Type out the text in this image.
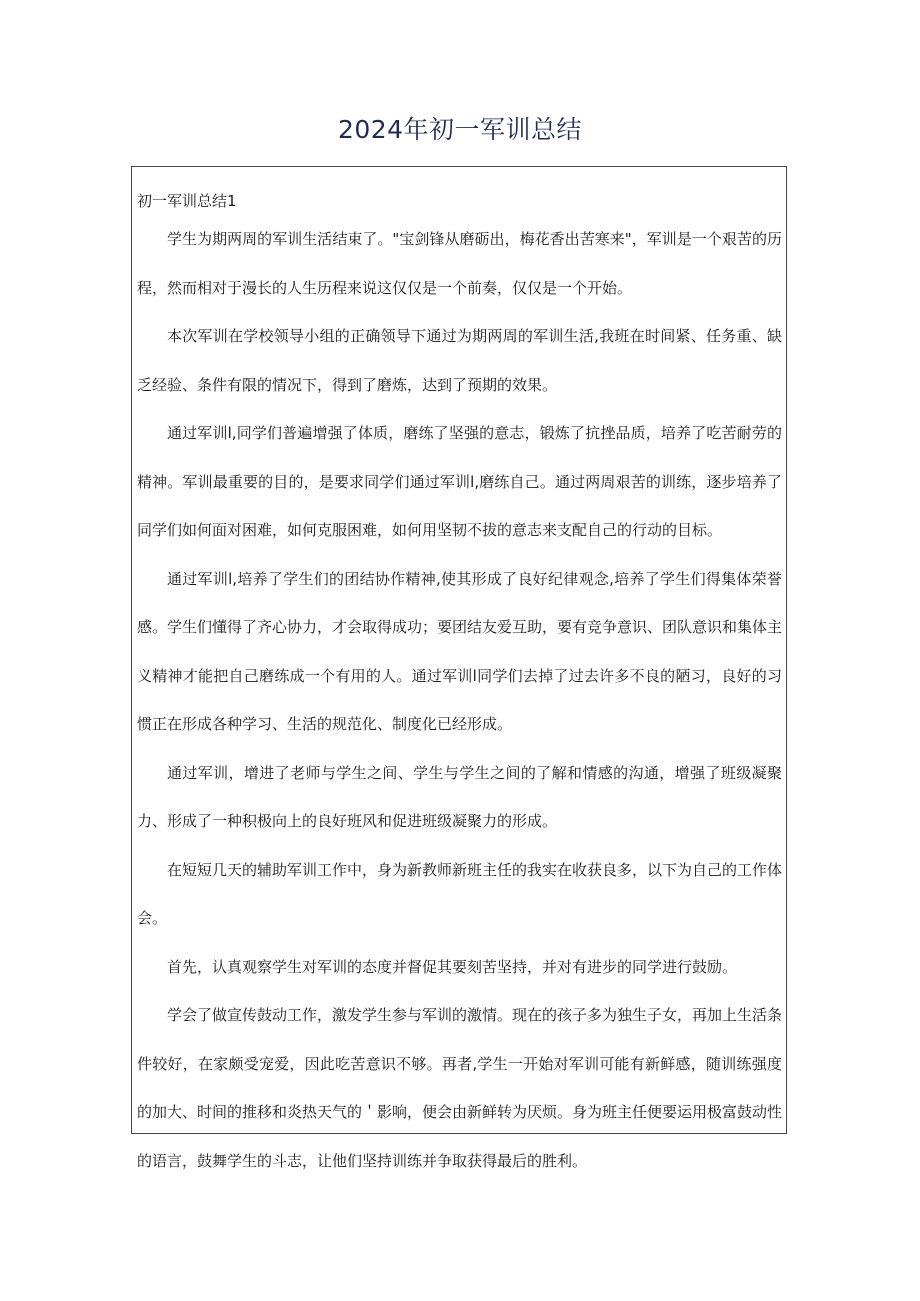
2024年初一军训总结
初一军训总结1

学生为期两周的军训生活结束了。"宝剑锋从磨砺出，梅花香出苦寒来"，军训是一个艰苦的历程，然而相对于漫长的人生历程来说这仅仅是一个前奏，仅仅是一个开始。

本次军训在学校领导小组的正确领导下通过为期两周的军训生活,我班在时间紧、任务重、缺乏经验、条件有限的情况下，得到了磨炼，达到了预期的效果。

通过军训l,同学们普遍增强了体质，磨练了坚强的意志，锻炼了抗挫品质，培养了吃苦耐劳的精神。军训最重要的目的，是要求同学们通过军训l,磨练自己。通过两周艰苦的训练，逐步培养了同学们如何面对困难，如何克服困难，如何用坚韧不拔的意志来支配自己的行动的目标。

通过军训l,培养了学生们的团结协作精神,使其形成了良好纪律观念,培养了学生们得集体荣誉感。学生们懂得了齐心协力，才会取得成功；要团结友爱互助，要有竞争意识、团队意识和集体主义精神才能把自己磨练成一个有用的人。通过军训l同学们去掉了过去许多不良的陋习，良好的习惯正在形成各种学习、生活的规范化、制度化已经形成。

通过军训，增进了老师与学生之间、学生与学生之间的了解和情感的沟通，增强了班级凝聚力、形成了一种积极向上的良好班风和促进班级凝聚力的形成。

在短短几天的辅助军训工作中，身为新教师新班主任的我实在收获良多，以下为自己的工作体会。

首先，认真观察学生对军训的态度并督促其要刻苦坚持，并对有进步的同学进行鼓励。

学会了做宣传鼓动工作，激发学生参与军训的激情。现在的孩子多为独生子女，再加上生活条件较好，在家颇受宠爱，因此吃苦意识不够。再者,学生一开始对军训可能有新鲜感，随训练强度的加大、时间的推移和炎热天气的＇影响，便会由新鲜转为厌烦。身为班主任便要运用极富鼓动性的语言，鼓舞学生的斗志，让他们坚持训练并争取获得最后的胜利。
